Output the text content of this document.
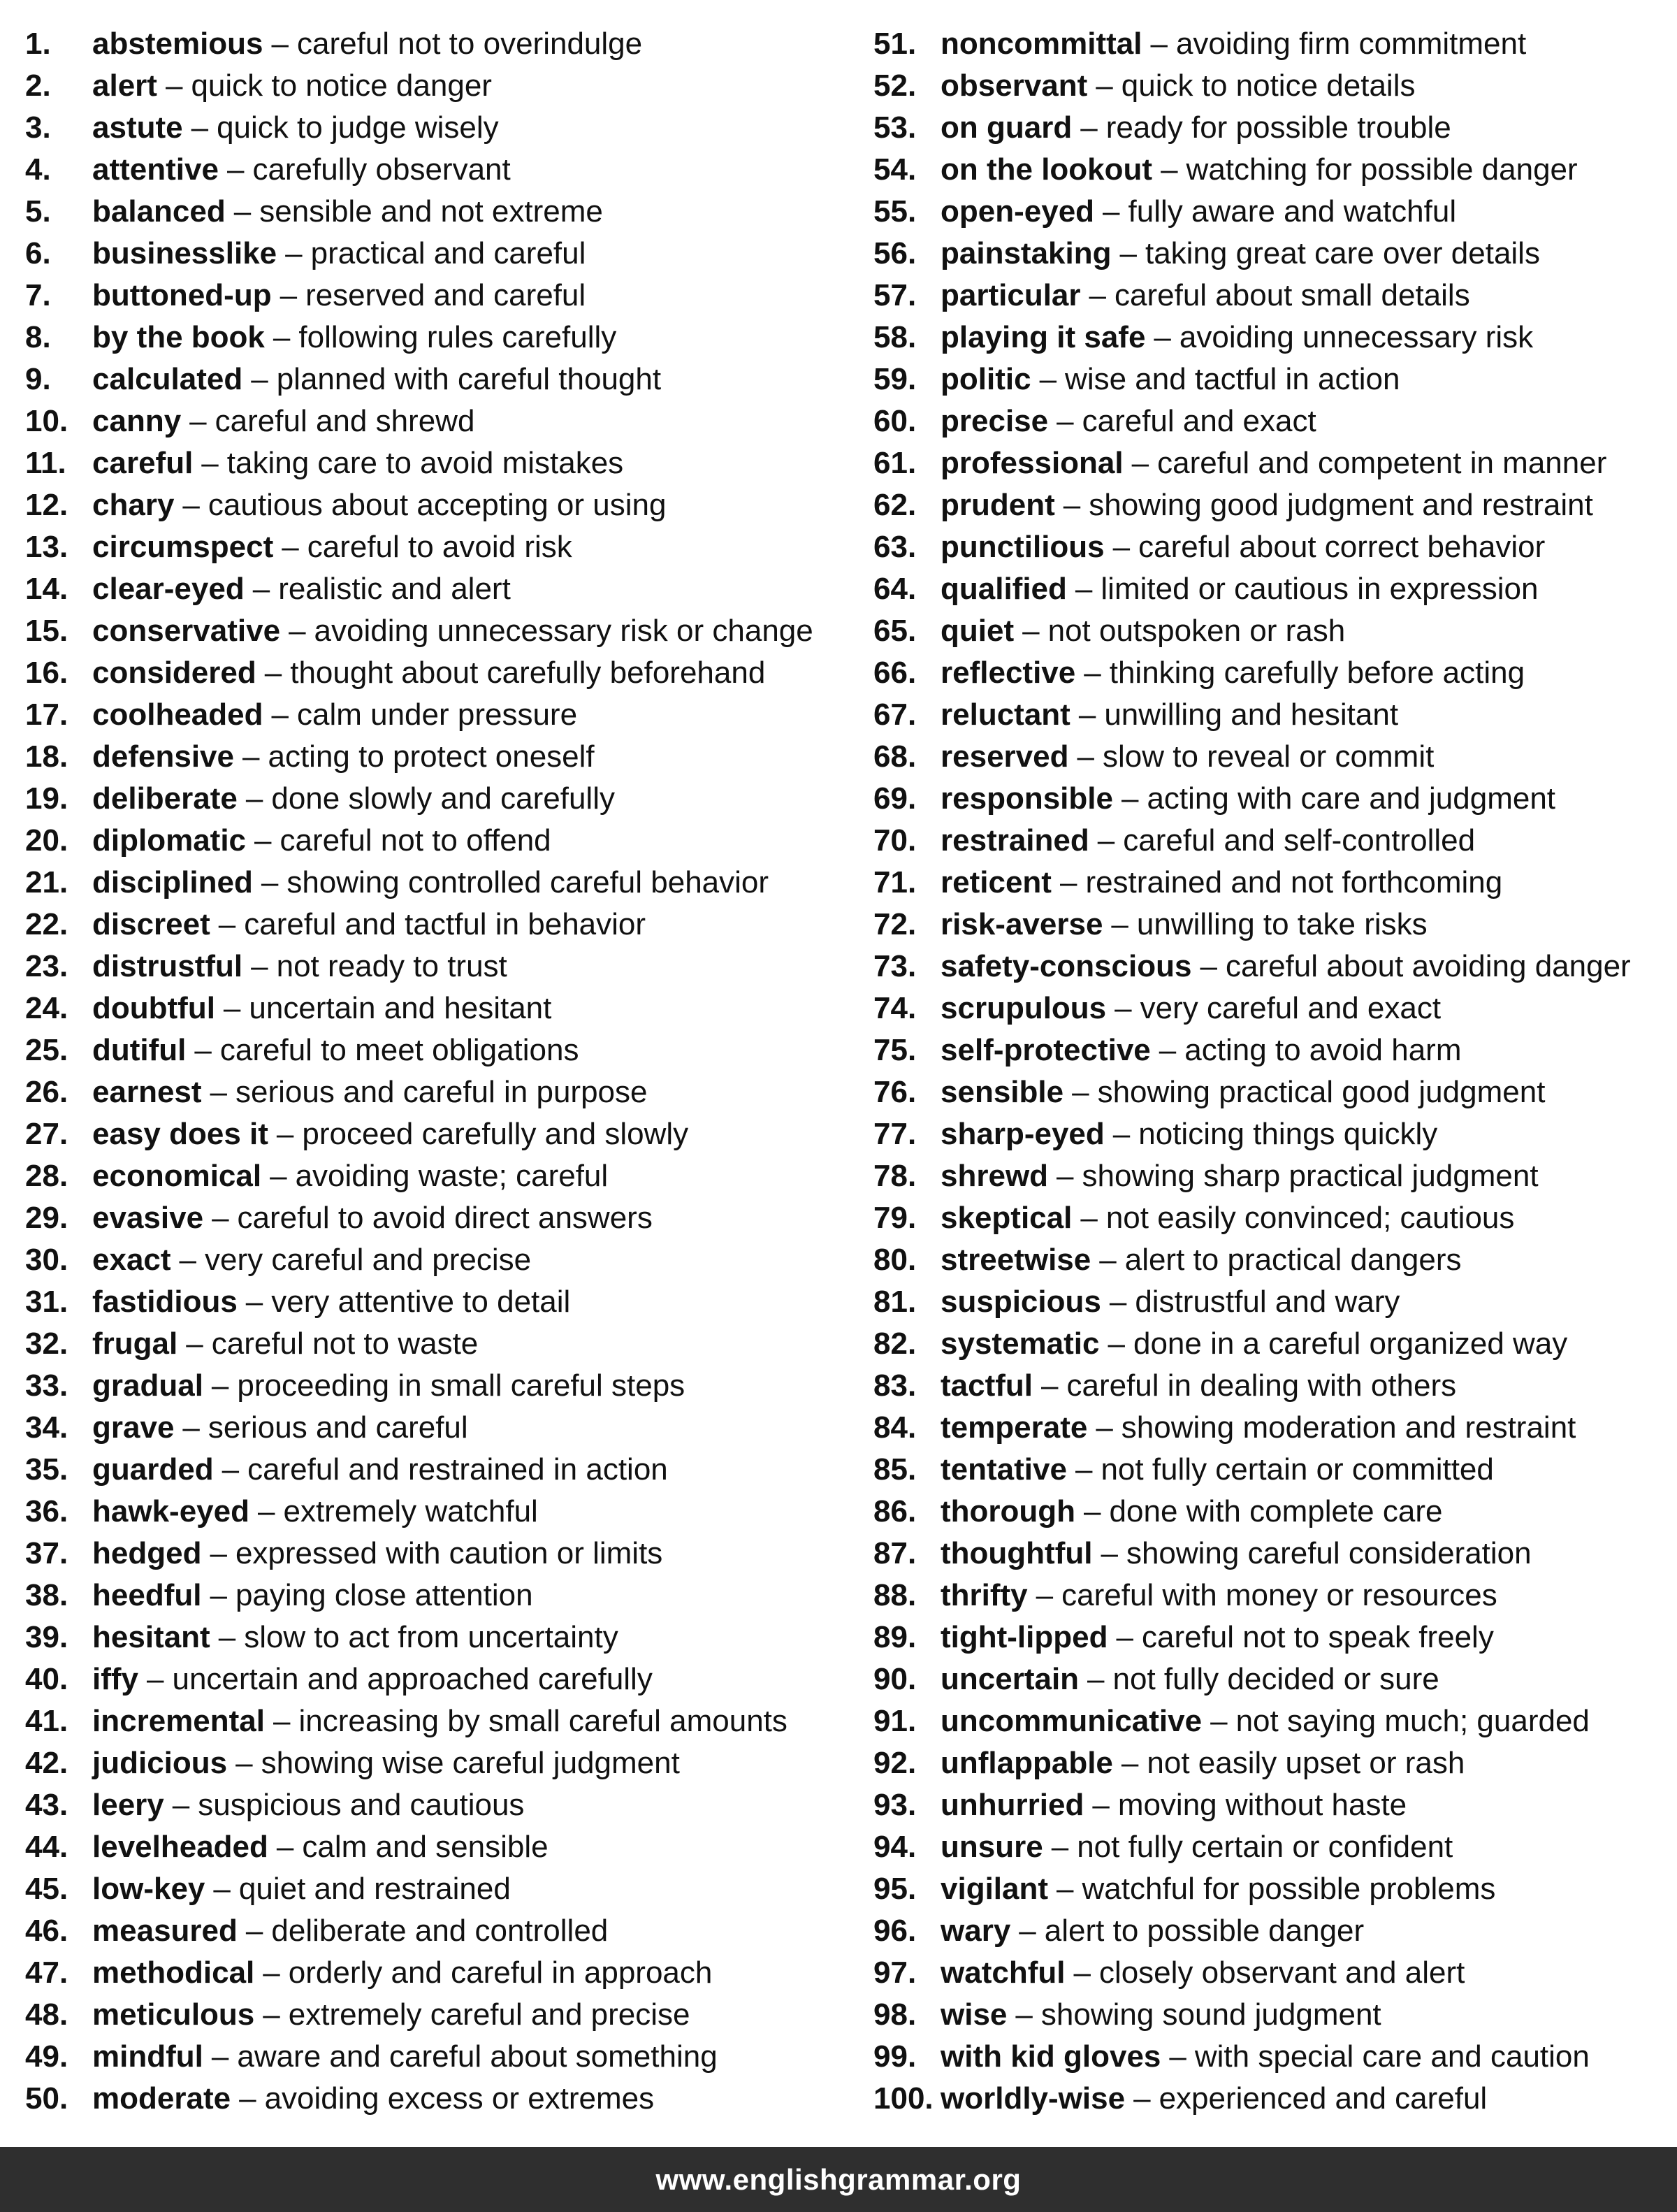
1.	abstemious – careful not to overindulge
2.	alert – quick to notice danger
3.	astute – quick to judge wisely
4.	attentive – carefully observant
5.	balanced – sensible and not extreme
6.	businesslike – practical and careful
7.	buttoned-up – reserved and careful
8.	by the book – following rules carefully
9.	calculated – planned with careful thought
10. canny – careful and shrewd
11. careful – taking care to avoid mistakes
12. chary – cautious about accepting or using
13. circumspect – careful to avoid risk
14. clear-eyed – realistic and alert
15. conservative – avoiding unnecessary risk or change
16. considered – thought about carefully beforehand
17. coolheaded – calm under pressure
18. defensive – acting to protect oneself
19. deliberate – done slowly and carefully
20. diplomatic – careful not to offend
21. disciplined – showing controlled careful behavior
22. discreet – careful and tactful in behavior
23. distrustful – not ready to trust
24. doubtful – uncertain and hesitant
25. dutiful – careful to meet obligations
26. earnest – serious and careful in purpose
27. easy does it – proceed carefully and slowly
28. economical – avoiding waste; careful
29. evasive – careful to avoid direct answers
30. exact – very careful and precise
31. fastidious – very attentive to detail
32. frugal – careful not to waste
33. gradual – proceeding in small careful steps
34. grave – serious and careful
35. guarded – careful and restrained in action
36. hawk-eyed – extremely watchful
37. hedged – expressed with caution or limits
38. heedful – paying close attention
39. hesitant – slow to act from uncertainty
40. iffy – uncertain and approached carefully
41. incremental – increasing by small careful amounts
42. judicious – showing wise careful judgment
43. leery – suspicious and cautious
44. levelheaded – calm and sensible
45. low-key – quiet and restrained
46. measured – deliberate and controlled
47. methodical – orderly and careful in approach
48. meticulous – extremely careful and precise
49. mindful – aware and careful about something
50. moderate – avoiding excess or extremes
51. noncommittal – avoiding firm commitment
52. observant – quick to notice details
53. on guard – ready for possible trouble
54. on the lookout – watching for possible danger
55. open-eyed – fully aware and watchful
56. painstaking – taking great care over details
57. particular – careful about small details
58. playing it safe – avoiding unnecessary risk
59. politic – wise and tactful in action
60. precise – careful and exact
61. professional – careful and competent in manner
62. prudent – showing good judgment and restraint
63. punctilious – careful about correct behavior
64. qualified – limited or cautious in expression
65. quiet – not outspoken or rash
66. reflective – thinking carefully before acting
67. reluctant – unwilling and hesitant
68. reserved – slow to reveal or commit
69. responsible – acting with care and judgment
70. restrained – careful and self-controlled
71. reticent – restrained and not forthcoming
72. risk-averse – unwilling to take risks
73. safety-conscious – careful about avoiding danger
74. scrupulous – very careful and exact
75. self-protective – acting to avoid harm
76. sensible – showing practical good judgment
77. sharp-eyed – noticing things quickly
78. shrewd – showing sharp practical judgment
79. skeptical – not easily convinced; cautious
80. streetwise – alert to practical dangers
81. suspicious – distrustful and wary
82. systematic – done in a careful organized way
83. tactful – careful in dealing with others
84. temperate – showing moderation and restraint
85. tentative – not fully certain or committed
86. thorough – done with complete care
87. thoughtful – showing careful consideration
88. thrifty – careful with money or resources
89. tight-lipped – careful not to speak freely
90. uncertain – not fully decided or sure
91. uncommunicative – not saying much; guarded
92. unflappable – not easily upset or rash
93. unhurried – moving without haste
94. unsure – not fully certain or confident
95. vigilant – watchful for possible problems
96. wary – alert to possible danger
97. watchful – closely observant and alert
98. wise – showing sound judgment
99. with kid gloves – with special care and caution
100. worldly-wise – experienced and careful
www.englishgrammar.org
